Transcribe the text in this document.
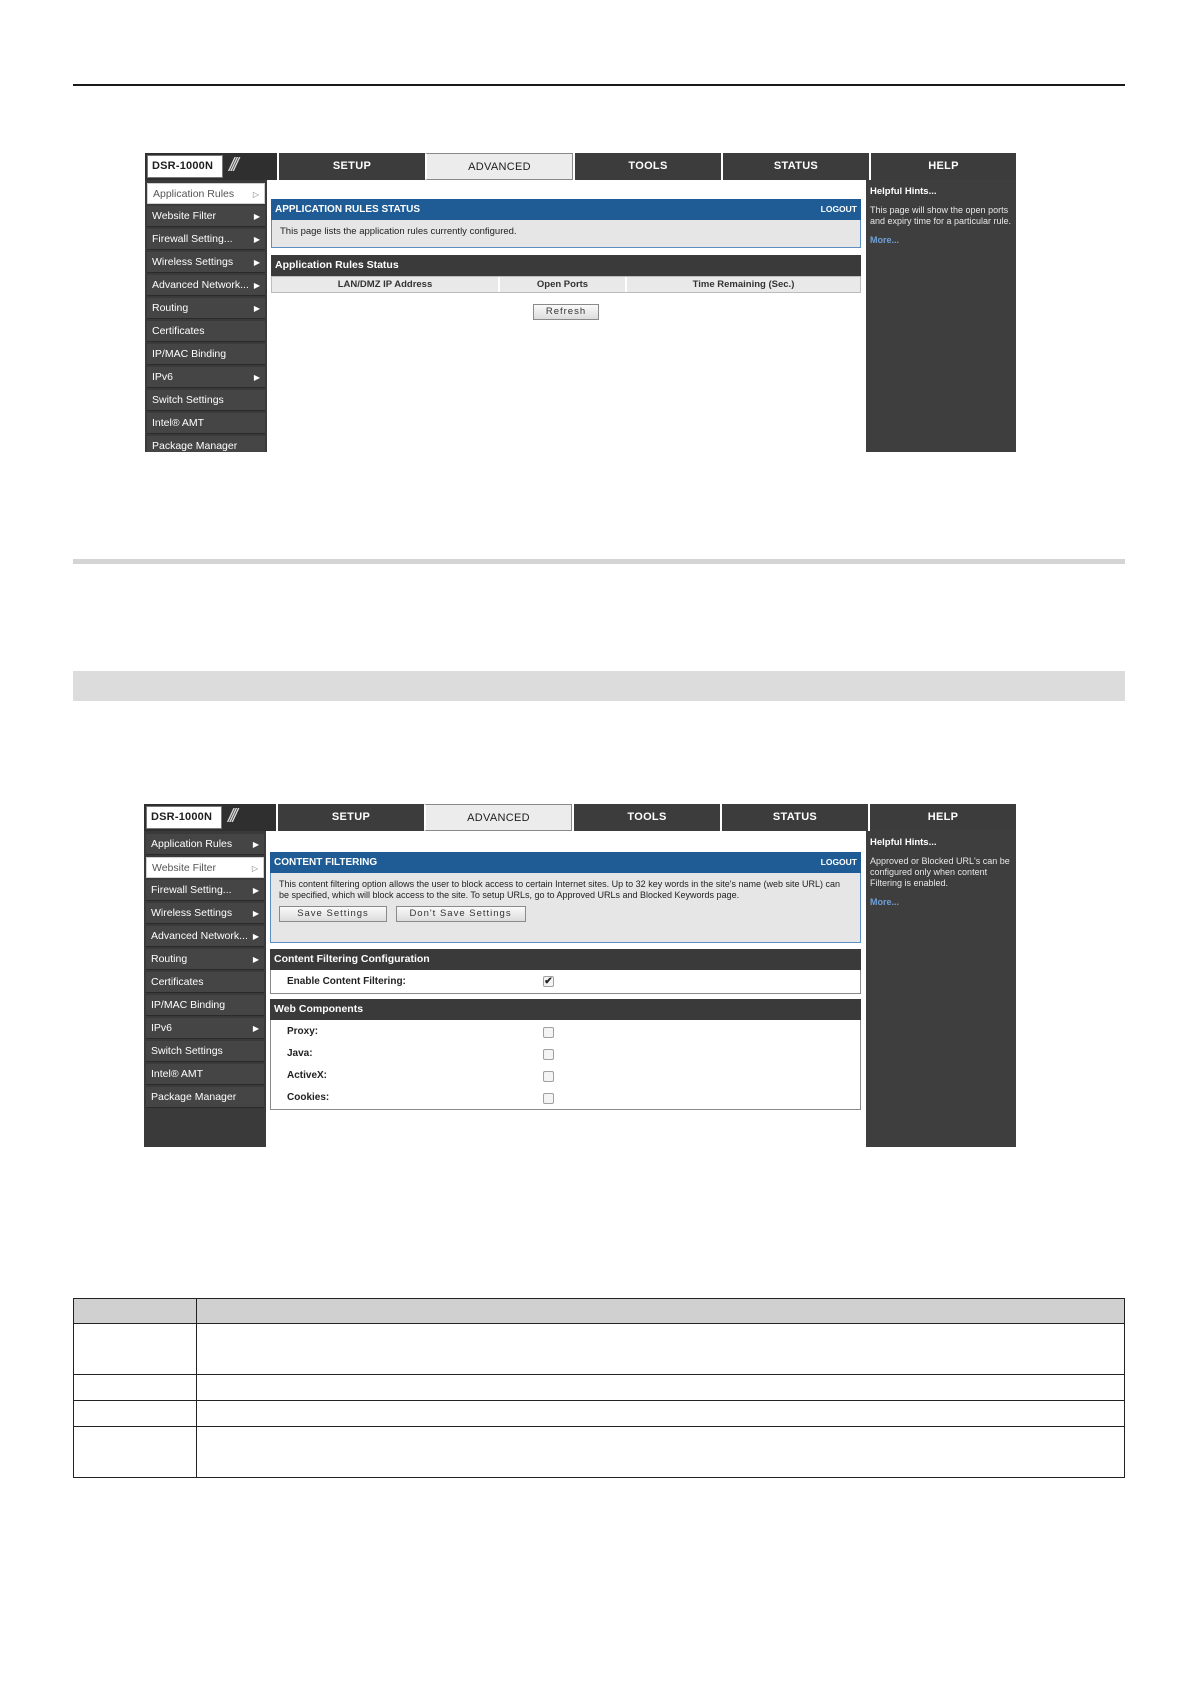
DSR-1000N ///	SETUP	ADVANCED	TOOLS	STATUS	HELP
Application Rules ▷
Website Filter	▶
Firewall Setting...	▶
Wireless Settings	▶
Advanced Network... ▶
Routing	▶
Certificates
IP/MAC Binding
IPv6	▶
Switch Settings
Intel® AMT
Package Manager
APPLICATION RULES STATUS	LOGOUT
This page lists the application rules currently configured.
Application Rules Status
LAN/DMZ IP Address	Open Ports	Time Remaining (Sec.)
Refresh
Helpful Hints...
This page will show the open ports and expiry time for a particular rule.
More...
DSR-1000N ///	SETUP	ADVANCED	TOOLS	STATUS	HELP
Application Rules	▶
Website Filter	▷
Firewall Setting...	▶
Wireless Settings	▶
Advanced Network... ▶
Routing	▶
Certificates
IP/MAC Binding
IPv6	▶
Switch Settings
Intel® AMT
Package Manager
CONTENT FILTERING	LOGOUT
This content filtering option allows the user to block access to certain Internet sites. Up to 32 key words in the site's name (web site URL) can be specified, which will block access to the site. To setup URLs, go to Approved URLs and Blocked Keywords page.
Save Settings	Don't Save Settings
Content Filtering Configuration
Enable Content Filtering:	✔
Web Components
Proxy:
Java:
ActiveX:
Cookies:
Helpful Hints...
Approved or Blocked URL's can be configured only when content Filtering is enabled.
More...
